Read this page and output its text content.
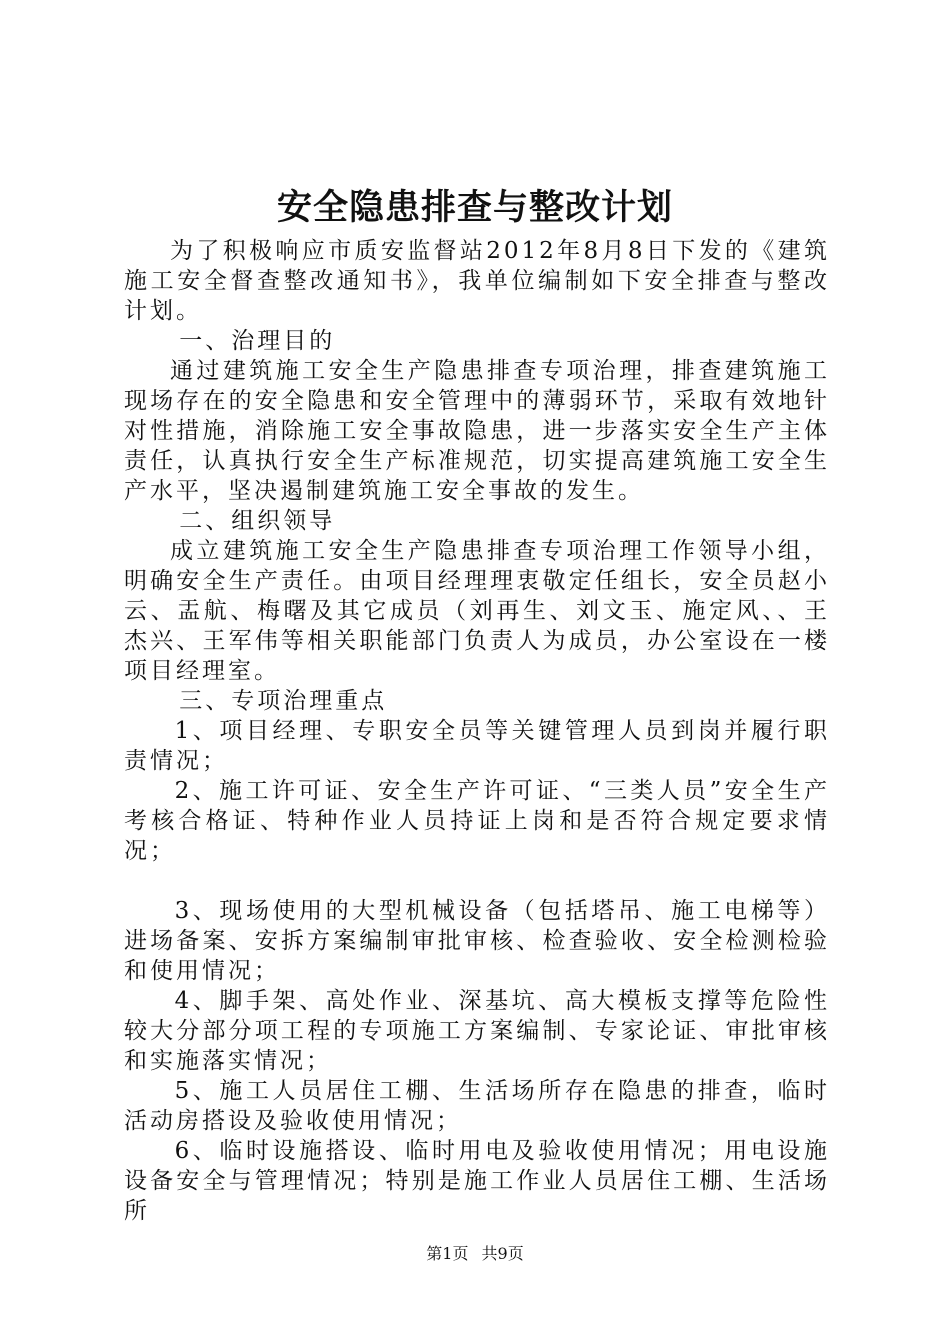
安全隐患排查与整改计划

为了积极响应市质安监督站2012年8月8日下发的《建筑施工安全督查整改通知书》，我单位编制如下安全排查与整改计划。

一、治理目的

通过建筑施工安全生产隐患排查专项治理，排查建筑施工现场存在的安全隐患和安全管理中的薄弱环节，采取有效地针对性措施，消除施工安全事故隐患，进一步落实安全生产主体责任，认真执行安全生产标准规范，切实提高建筑施工安全生产水平，坚决遏制建筑施工安全事故的发生。

二、组织领导

成立建筑施工安全生产隐患排查专项治理工作领导小组，明确安全生产责任。由项目经理理衷敬定任组长，安全员赵小云、盂航、梅曙及其它成员（刘再生、刘文玉、施定风、、王杰兴、王军伟等相关职能部门负责人为成员，办公室设在一楼项目经理室。

三、专项治理重点

1、项目经理、专职安全员等关键管理人员到岗并履行职责情况；

2、施工许可证、安全生产许可证、“三类人员”安全生产考核合格证、特种作业人员持证上岗和是否符合规定要求情况；

3、现场使用的大型机械设备（包括塔吊、施工电梯等）进场备案、安拆方案编制审批审核、检查验收、安全检测检验和使用情况；

4、脚手架、高处作业、深基坑、高大模板支撑等危险性较大分部分项工程的专项施工方案编制、专家论证、审批审核和实施落实情况；

5、施工人员居住工棚、生活场所存在隐患的排查，临时活动房搭设及验收使用情况；

6、临时设施搭设、临时用电及验收使用情况；用电设施设备安全与管理情况；特别是施工作业人员居住工棚、生活场所

第1页 共9页
